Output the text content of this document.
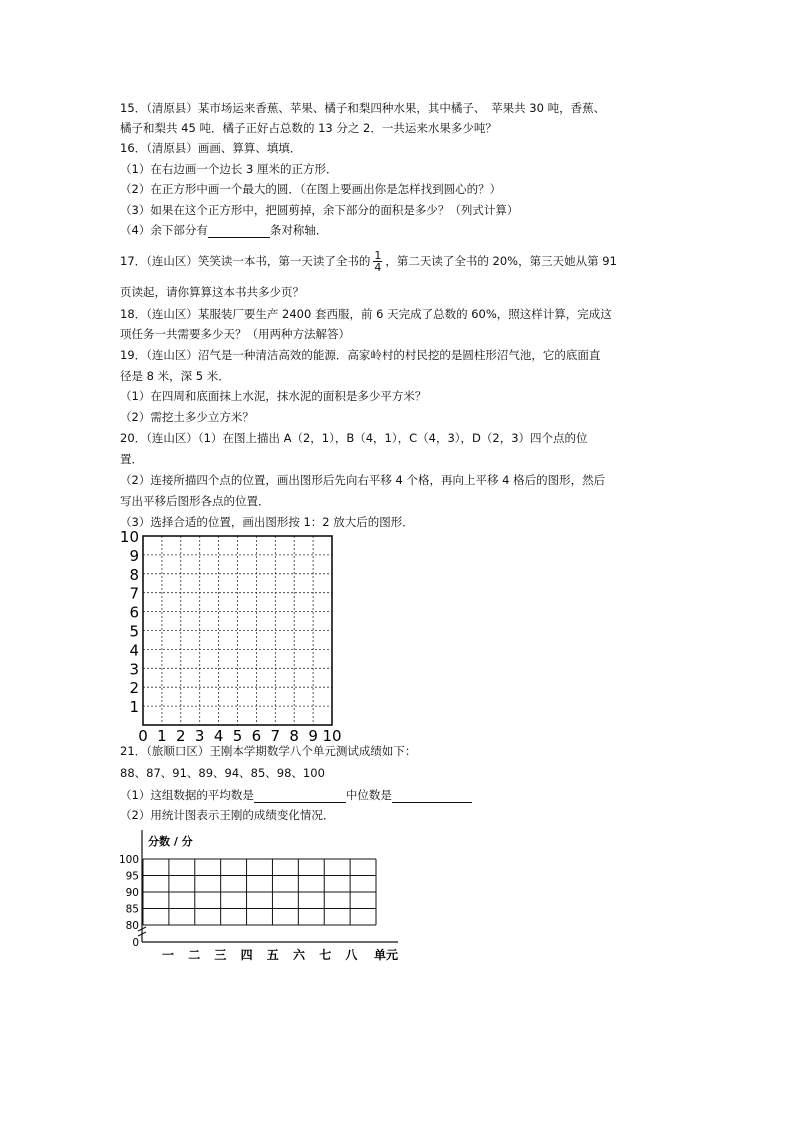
15．（清原县）某市场运来香蕉、苹果、橘子和梨四种水果，其中橘子、　苹果共 30 吨，香蕉、
橘子和梨共 45 吨．橘子正好占总数的 13 分之 2．一共运来水果多少吨？
16．（清原县）画画、算算、填填．
（1）在右边画一个边长 3 厘米的正方形．
（2）在正方形中画一个最大的圆．（在图上要画出你是怎样找到圆心的？）
（3）如果在这个正方形中，把圆剪掉，余下部分的面积是多少？（列式计算）
（4）余下部分有	条对称轴．
17．（连山区）笑笑读一本书，第一天读了全书的 $\frac{1}{4}$ ，第二天读了全书的 20%，第三天她从第 91
页读起，请你算算这本书共多少页？
18．（连山区）某服装厂要生产 2400 套西服，前 6 天完成了总数的 60%，照这样计算，完成这
项任务一共需要多少天？（用两种方法解答）
19．（连山区）沼气是一种清洁高效的能源．高家岭村的村民挖的是圆柱形沼气池，它的底面直
径是 8 米，深 5 米．
（1）在四周和底面抹上水泥，抹水泥的面积是多少平方米？
（2）需挖土多少立方米？
20．（连山区）（1）在图上描出 A（2，1），B（4，1），C（4，3），D（2，3）四个点的位
置．
（2）连接所描四个点的位置，画出图形后先向右平移 4 个格，再向上平移 4 格后的图形，然后
写出平移后图形各点的位置．
（3）选择合适的位置，画出图形按 1：2 放大后的图形．
10
9
8
7
6
5
4
3
2
1
0 1 2 3 4 5 6 7 8 9 10
21．（旅顺口区）王刚本学期数学八个单元测试成绩如下：
88、87、91、89、94、85、98、100
（1）这组数据的平均数是	中位数是
（2）用统计图表示王刚的成绩变化情况．
分数 / 分
100
95
90
85
80
0
一 二 三 四 五 六 七 八 单元
